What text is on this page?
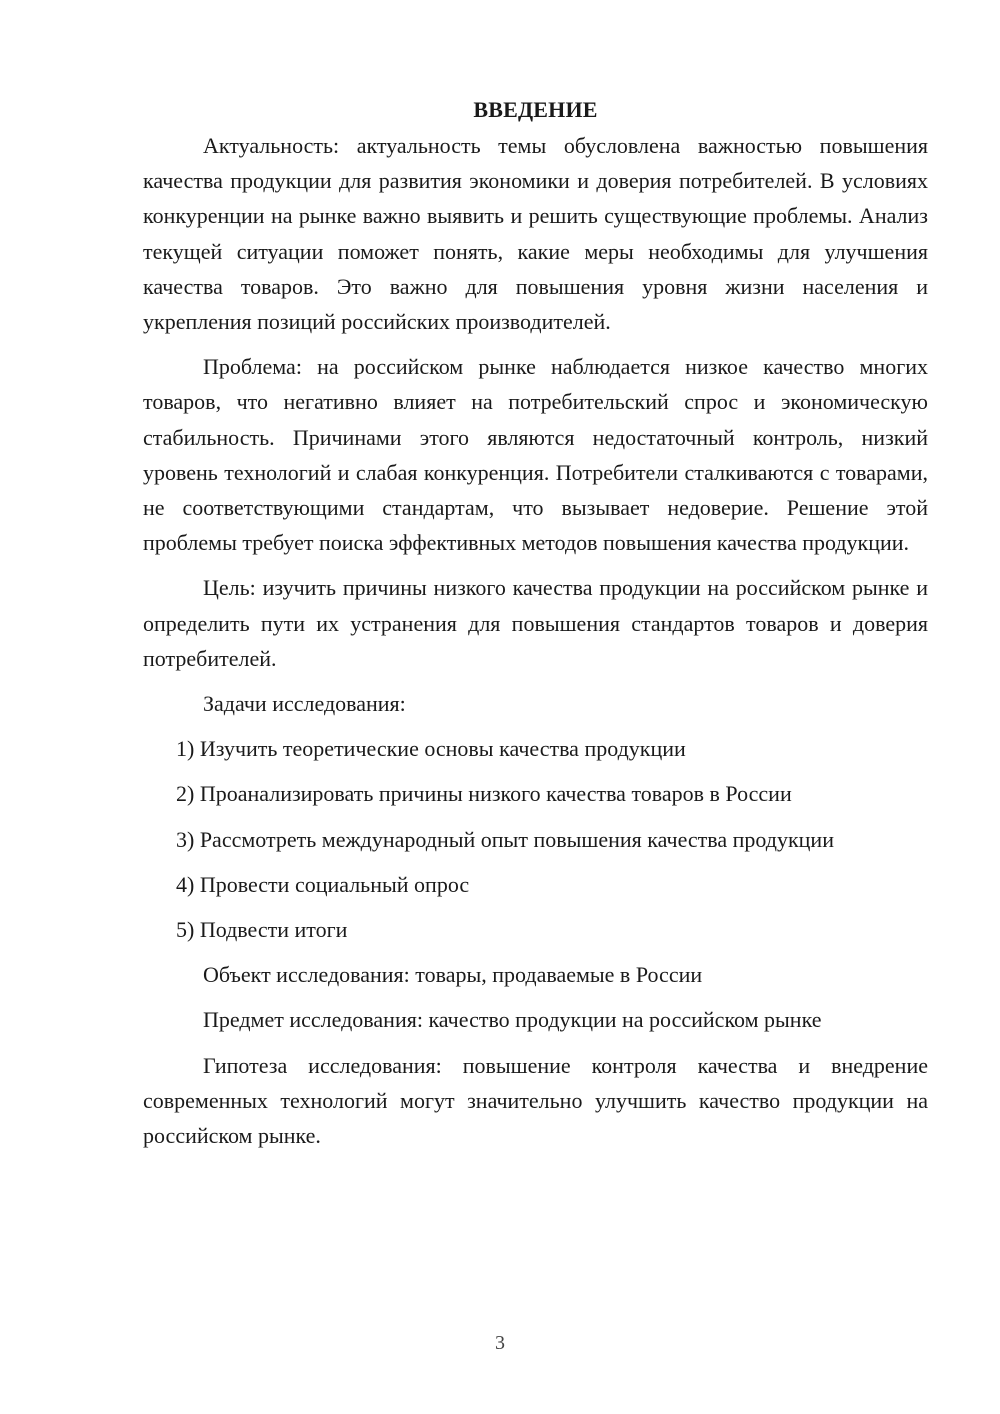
ВВЕДЕНИЕ

Актуальность: актуальность темы обусловлена важностью повышения качества продукции для развития экономики и доверия потребителей. В условиях конкуренции на рынке важно выявить и решить существующие проблемы. Анализ текущей ситуации поможет понять, какие меры необходимы для улучшения качества товаров. Это важно для повышения уровня жизни населения и укрепления позиций российских производителей.

Проблема: на российском рынке наблюдается низкое качество многих товаров, что негативно влияет на потребительский спрос и экономическую стабильность. Причинами этого являются недостаточный контроль, низкий уровень технологий и слабая конкуренция. Потребители сталкиваются с товарами, не соответствующими стандартам, что вызывает недоверие. Решение этой проблемы требует поиска эффективных методов повышения качества продукции.

Цель: изучить причины низкого качества продукции на российском рынке и определить пути их устранения для повышения стандартов товаров и доверия потребителей.

Задачи исследования:

1) Изучить теоретические основы качества продукции

2) Проанализировать причины низкого качества товаров в России

3) Рассмотреть международный опыт повышения качества продукции

4) Провести социальный опрос

5) Подвести итоги

Объект исследования: товары, продаваемые в России

Предмет исследования: качество продукции на российском рынке

Гипотеза исследования: повышение контроля качества и внедрение современных технологий могут значительно улучшить качество продукции на российском рынке.

3
